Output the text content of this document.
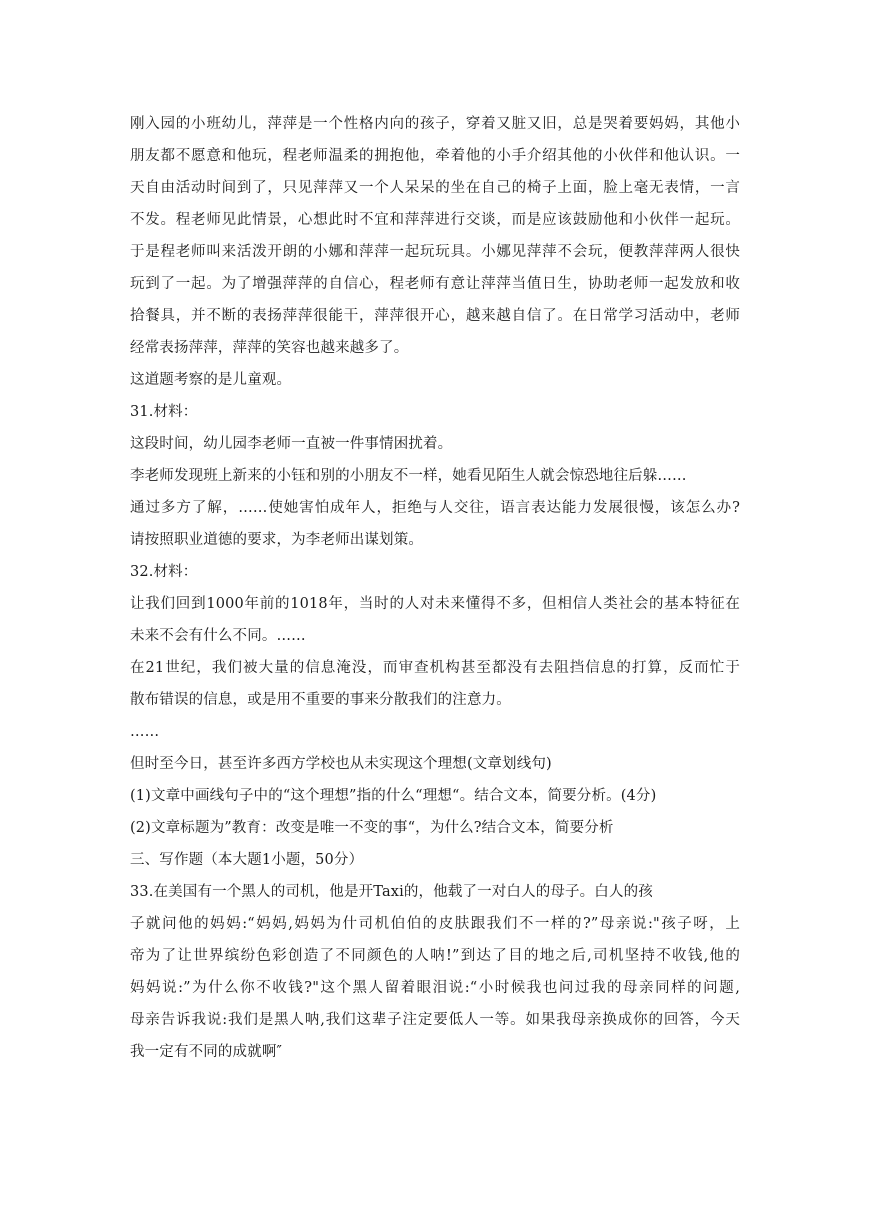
刚入园的小班幼儿，萍萍是一个性格内向的孩子，穿着又脏又旧，总是哭着要妈妈，其他小
朋友都不愿意和他玩，程老师温柔的拥抱他，牵着他的小手介绍其他的小伙伴和他认识。一
天自由活动时间到了，只见萍萍又一个人呆呆的坐在自己的椅子上面，脸上毫无表情，一言
不发。程老师见此情景，心想此时不宜和萍萍进行交谈，而是应该鼓励他和小伙伴一起玩。
于是程老师叫来活泼开朗的小娜和萍萍一起玩玩具。小娜见萍萍不会玩，便教萍萍两人很快
玩到了一起。为了增强萍萍的自信心，程老师有意让萍萍当值日生，协助老师一起发放和收
拾餐具，并不断的表扬萍萍很能干，萍萍很开心，越来越自信了。在日常学习活动中，老师
经常表扬萍萍，萍萍的笑容也越来越多了。
这道题考察的是儿童观。
31.材料：
这段时间，幼儿园李老师一直被一件事情困扰着。
李老师发现班上新来的小钰和别的小朋友不一样，她看见陌生人就会惊恐地往后躲……
通过多方了解，……使她害怕成年人，拒绝与人交往，语言表达能力发展很慢，该怎么办?
请按照职业道德的要求，为李老师出谋划策。
32.材料：
让我们回到1000年前的1018年，当时的人对未来懂得不多，但相信人类社会的基本特征在
未来不会有什么不同。……
在21世纪，我们被大量的信息淹没，而审查机构甚至都没有去阻挡信息的打算，反而忙于
散布错误的信息，或是用不重要的事来分散我们的注意力。
……
但时至今日，甚至许多西方学校也从未实现这个理想(文章划线句)
(1)文章中画线句子中的“这个理想”指的什么“理想“。结合文本，简要分析。(4分)
(2)文章标题为”教育：改变是唯一不变的事“，为什么?结合文本，简要分析
三、写作题（本大题1小题，50分）
33.在美国有一个黑人的司机，他是开Taxi的，他载了一对白人的母子。白人的孩
子就问他的妈妈:“妈妈,妈妈为什司机伯伯的皮肤跟我们不一样的?”母亲说:"孩子呀，上
帝为了让世界缤纷色彩创造了不同颜色的人呐!”到达了目的地之后,司机坚持不收钱,他的
妈妈说:”为什么你不收钱?"这个黑人留着眼泪说:“小时候我也问过我的母亲同样的问题,
母亲告诉我说:我们是黑人呐,我们这辈子注定要低人一等。如果我母亲换成你的回答，今天
我一定有不同的成就啊″
